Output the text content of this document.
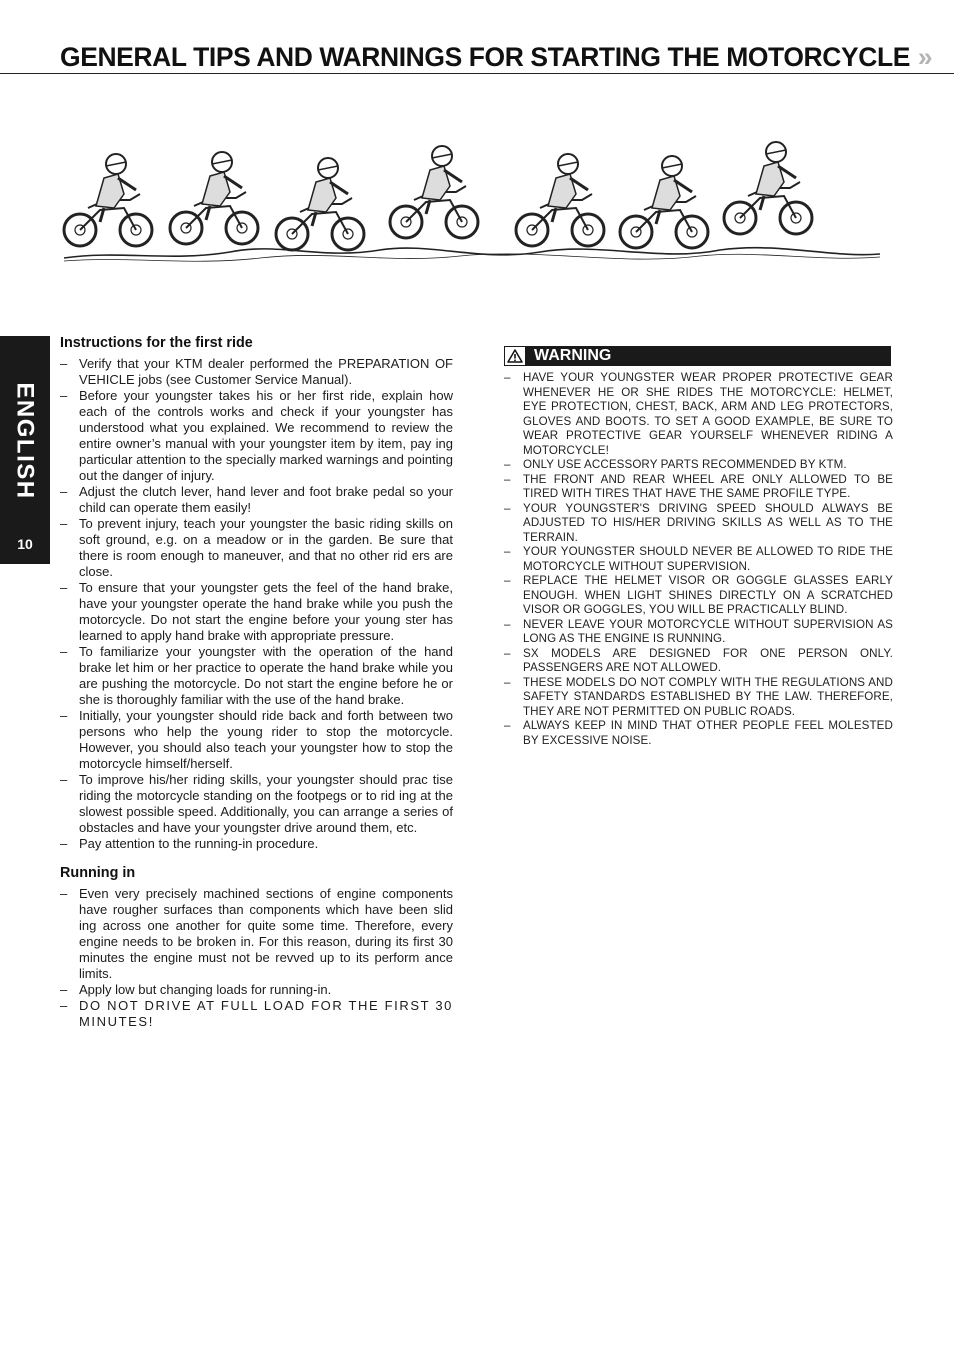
GENERAL TIPS AND WARNINGS FOR STARTING THE MOTORCYCLE »
ENGLISH
10
Instructions for the first ride
– Verify that your KTM dealer performed the PREPARATION OF VEHICLE jobs (see Customer Service Manual).
– Before your youngster takes his or her first ride, explain how each of the controls works and check if your youngster has understood what you explained. We recommend to review the entire owner’s manual with your youngster item by item, pay ing particular attention to the specially marked warnings and pointing out the danger of injury.
– Adjust the clutch lever, hand lever and foot brake pedal so your child can operate them easily!
– To prevent injury, teach your youngster the basic riding skills on soft ground, e.g. on a meadow or in the garden. Be sure that there is room enough to maneuver, and that no other rid ers are close.
– To ensure that your youngster gets the feel of the hand brake, have your youngster operate the hand brake while you push the motorcycle. Do not start the engine before your young ster has learned to apply hand brake with appropriate pressure.
– To familiarize your youngster with the operation of the hand brake let him or her practice to operate the hand brake while you are pushing the motorcycle. Do not start the engine before he or she is thoroughly familiar with the use of the hand brake.
– Initially, your youngster should ride back and forth between two persons who help the young rider to stop the motorcycle. However, you should also teach your youngster how to stop the motorcycle himself/herself.
– To improve his/her riding skills, your youngster should prac tise riding the motorcycle standing on the footpegs or to rid ing at the slowest possible speed. Additionally, you can arrange a series of obstacles and have your youngster drive around them, etc.
– Pay attention to the running-in procedure.
Running in
– Even very precisely machined sections of engine components have rougher surfaces than components which have been slid ing across one another for quite some time. Therefore, every engine needs to be broken in. For this reason, during its first 30 minutes the engine must not be revved up to its perform ance limits.
– Apply low but changing loads for running-in.
– DO NOT DRIVE AT FULL LOAD FOR THE FIRST 30 MINUTES!
WARNING
– HAVE YOUR YOUNGSTER WEAR PROPER PROTECTIVE GEAR WHENEVER HE OR SHE RIDES THE MOTORCYCLE: HELMET, EYE PROTECTION, CHEST, BACK, ARM AND LEG PROTECTORS, GLOVES AND BOOTS. TO SET A GOOD EXAMPLE, BE SURE TO WEAR PROTECTIVE GEAR YOURSELF WHENEVER RIDING A MOTORCYCLE!
– ONLY USE ACCESSORY PARTS RECOMMENDED BY KTM.
– THE FRONT AND REAR WHEEL ARE ONLY ALLOWED TO BE TIRED WITH TIRES THAT HAVE THE SAME PROFILE TYPE.
– YOUR YOUNGSTER'S DRIVING SPEED SHOULD ALWAYS BE ADJUSTED TO HIS/HER DRIVING SKILLS AS WELL AS TO THE TERRAIN.
– YOUR YOUNGSTER SHOULD NEVER BE ALLOWED TO RIDE THE MOTORCYCLE WITHOUT SUPERVISION.
– REPLACE THE HELMET VISOR OR GOGGLE GLASSES EARLY ENOUGH. WHEN LIGHT SHINES DIRECTLY ON A SCRATCHED VISOR OR GOGGLES, YOU WILL BE PRACTICALLY BLIND.
– NEVER LEAVE YOUR MOTORCYCLE WITHOUT SUPERVISION AS LONG AS THE ENGINE IS RUNNING.
– SX MODELS ARE DESIGNED FOR ONE PERSON ONLY. PASSENGERS ARE NOT ALLOWED.
– THESE MODELS DO NOT COMPLY WITH THE REGULATIONS AND SAFETY STANDARDS ESTABLISHED BY THE LAW. THEREFORE, THEY ARE NOT PERMITTED ON PUBLIC ROADS.
– ALWAYS KEEP IN MIND THAT OTHER PEOPLE FEEL MOLESTED BY EXCESSIVE NOISE.
